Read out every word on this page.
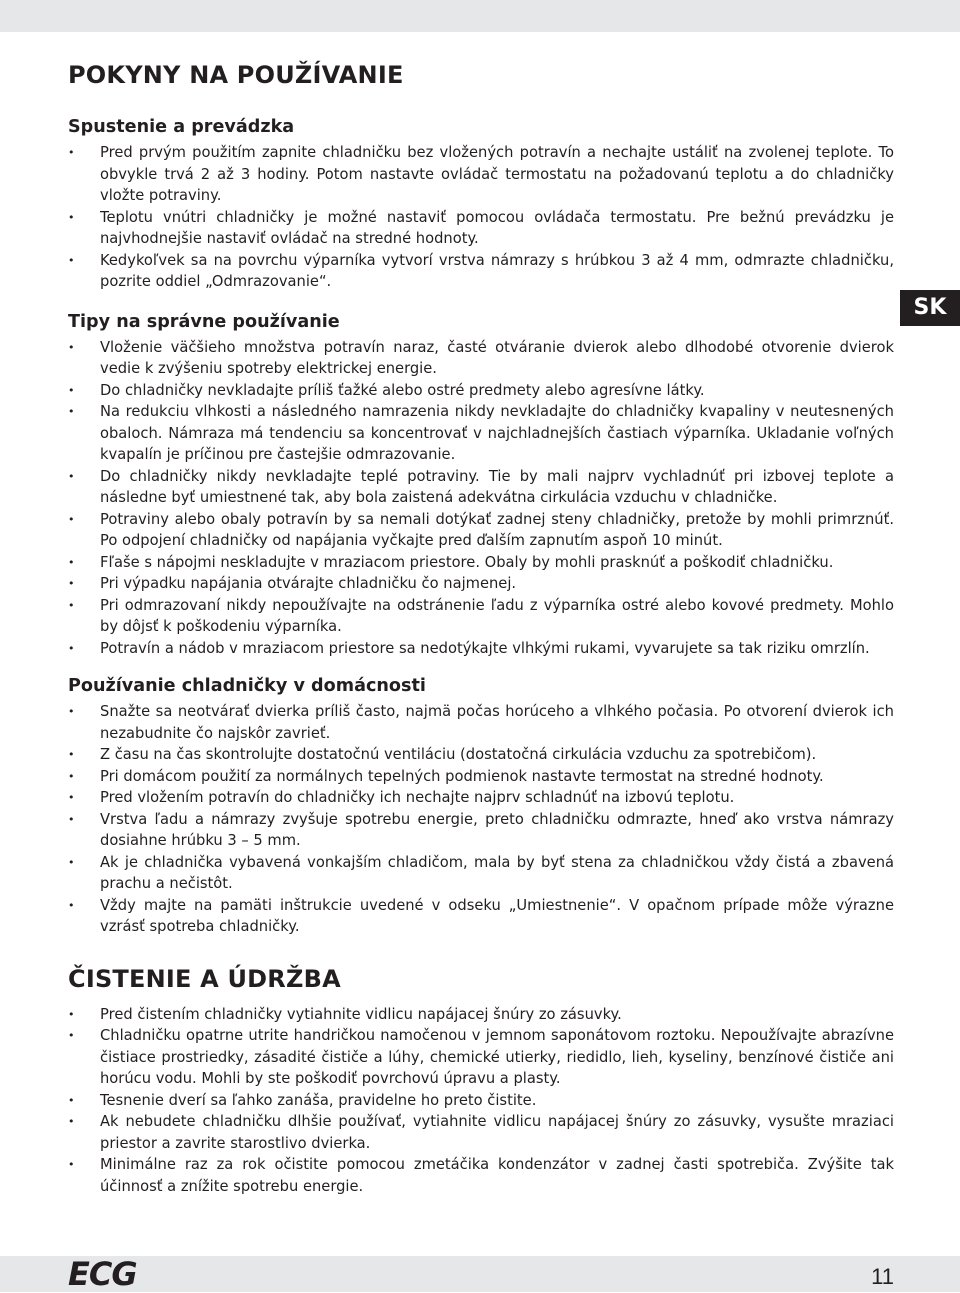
POKYNY NA POUŽÍVANIE
Spustenie a prevádzka
• Pred prvým použitím zapnite chladničku bez vložených potravín a nechajte ustáliť na zvolenej teplote. To obvykle trvá 2 až 3 hodiny. Potom nastavte ovládač termostatu na požadovanú teplotu a do chladničky vložte potraviny.
• Teplotu vnútri chladničky je možné nastaviť pomocou ovládača termostatu. Pre bežnú prevádzku je najvhodnejšie nastaviť ovládač na stredné hodnoty.
• Kedykoľvek sa na povrchu výparníka vytvorí vrstva námrazy s hrúbkou 3 až 4 mm, odmrazte chladničku, pozrite oddiel „Odmrazovanie“.
Tipy na správne používanie
• Vloženie väčšieho množstva potravín naraz, časté otváranie dvierok alebo dlhodobé otvorenie dvierok vedie k zvýšeniu spotreby elektrickej energie.
• Do chladničky nevkladajte príliš ťažké alebo ostré predmety alebo agresívne látky.
• Na redukciu vlhkosti a následného namrazenia nikdy nevkladajte do chladničky kvapaliny v neutesnených obaloch. Námraza má tendenciu sa koncentrovať v najchladnejších častiach výparníka. Ukladanie voľných kvapalín je príčinou pre častejšie odmrazovanie.
• Do chladničky nikdy nevkladajte teplé potraviny. Tie by mali najprv vychladnúť pri izbovej teplote a následne byť umiestnené tak, aby bola zaistená adekvátna cirkulácia vzduchu v chladničke.
• Potraviny alebo obaly potravín by sa nemali dotýkať zadnej steny chladničky, pretože by mohli primrznúť. Po odpojení chladničky od napájania vyčkajte pred ďalším zapnutím aspoň 10 minút.
• Fľaše s nápojmi neskladujte v mraziacom priestore. Obaly by mohli prasknúť a poškodiť chladničku.
• Pri výpadku napájania otvárajte chladničku čo najmenej.
• Pri odmrazovaní nikdy nepoužívajte na odstránenie ľadu z výparníka ostré alebo kovové predmety. Mohlo by dôjsť k poškodeniu výparníka.
• Potravín a nádob v mraziacom priestore sa nedotýkajte vlhkými rukami, vyvarujete sa tak riziku omrzlín.
Používanie chladničky v domácnosti
• Snažte sa neotvárať dvierka príliš často, najmä počas horúceho a vlhkého počasia. Po otvorení dvierok ich nezabudnite čo najskôr zavrieť.
• Z času na čas skontrolujte dostatočnú ventiláciu (dostatočná cirkulácia vzduchu za spotrebičom).
• Pri domácom použití za normálnych tepelných podmienok nastavte termostat na stredné hodnoty.
• Pred vložením potravín do chladničky ich nechajte najprv schladnúť na izbovú teplotu.
• Vrstva ľadu a námrazy zvyšuje spotrebu energie, preto chladničku odmrazte, hneď ako vrstva námrazy dosiahne hrúbku 3 – 5 mm.
• Ak je chladnička vybavená vonkajším chladičom, mala by byť stena za chladničkou vždy čistá a zbavená prachu a nečistôt.
• Vždy majte na pamäti inštrukcie uvedené v odseku „Umiestnenie“. V opačnom prípade môže výrazne vzrásť spotreba chladničky.
ČISTENIE A ÚDRŽBA
• Pred čistením chladničky vytiahnite vidlicu napájacej šnúry zo zásuvky.
• Chladničku opatrne utrite handričkou namočenou v jemnom saponátovom roztoku. Nepoužívajte abrazívne čistiace prostriedky, zásadité čističe a lúhy, chemické utierky, riedidlo, lieh, kyseliny, benzínové čističe ani horúcu vodu. Mohli by ste poškodiť povrchovú úpravu a plasty.
• Tesnenie dverí sa ľahko zanáša, pravidelne ho preto čistite.
• Ak nebudete chladničku dlhšie používať, vytiahnite vidlicu napájacej šnúry zo zásuvky, vysušte mraziaci priestor a zavrite starostlivo dvierka.
• Minimálne raz za rok očistite pomocou zmetáčika kondenzátor v zadnej časti spotrebiča. Zvýšite tak účinnosť a znížite spotrebu energie.
SK
ECG	11
